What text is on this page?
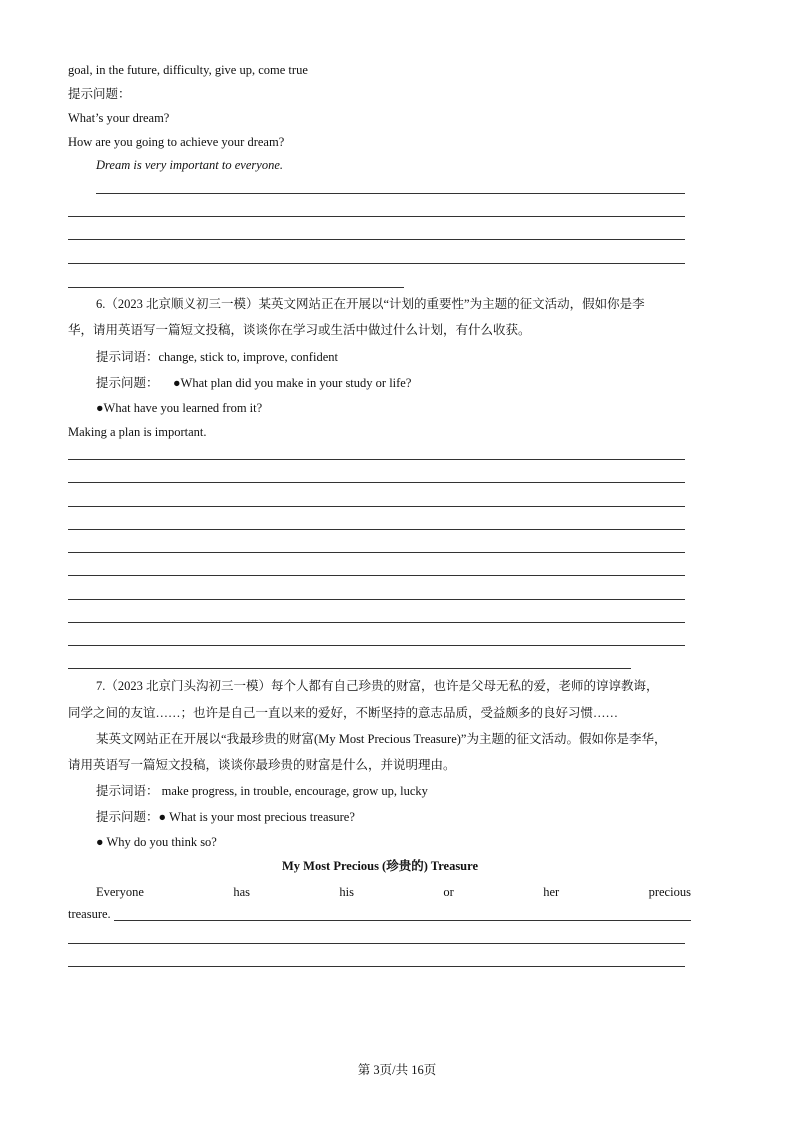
goal, in the future, difficulty, give up, come true
提示问题：
What’s your dream?
How are you going to achieve your dream?
Dream is very important to everyone.
6.（2023 北京顺义初三一模）某英文网站正在开展以“计划的重要性”为主题的征文活动，假如你是李
华，请用英语写一篇短文投稿，谈谈你在学习或生活中做过什么计划，有什么收获。
提示词语：change, stick to, improve, confident
提示问题： ●What plan did you make in your study or life?
●What have you learned from it?
Making a plan is important.
7.（2023 北京门头沟初三一模）每个人都有自己珍贵的财富，也许是父母无私的爱，老师的谆谆教诲，
同学之间的友谊……；也许是自己一直以来的爱好，不断坚持的意志品质，受益颇多的良好习惯……
某英文网站正在开展以“我最珍贵的财富(My Most Precious Treasure)”为主题的征文活动。假如你是李华，
请用英语写一篇短文投稿，谈谈你最珍贵的财富是什么，并说明理由。
提示词语： make progress, in trouble, encourage, grow up, lucky
提示问题：● What is your most precious treasure?
● Why do you think so?
My Most Precious (珍贵的) Treasure
Everyone	has	his	or	her	precious
treasure.
第 3页/共 16页
